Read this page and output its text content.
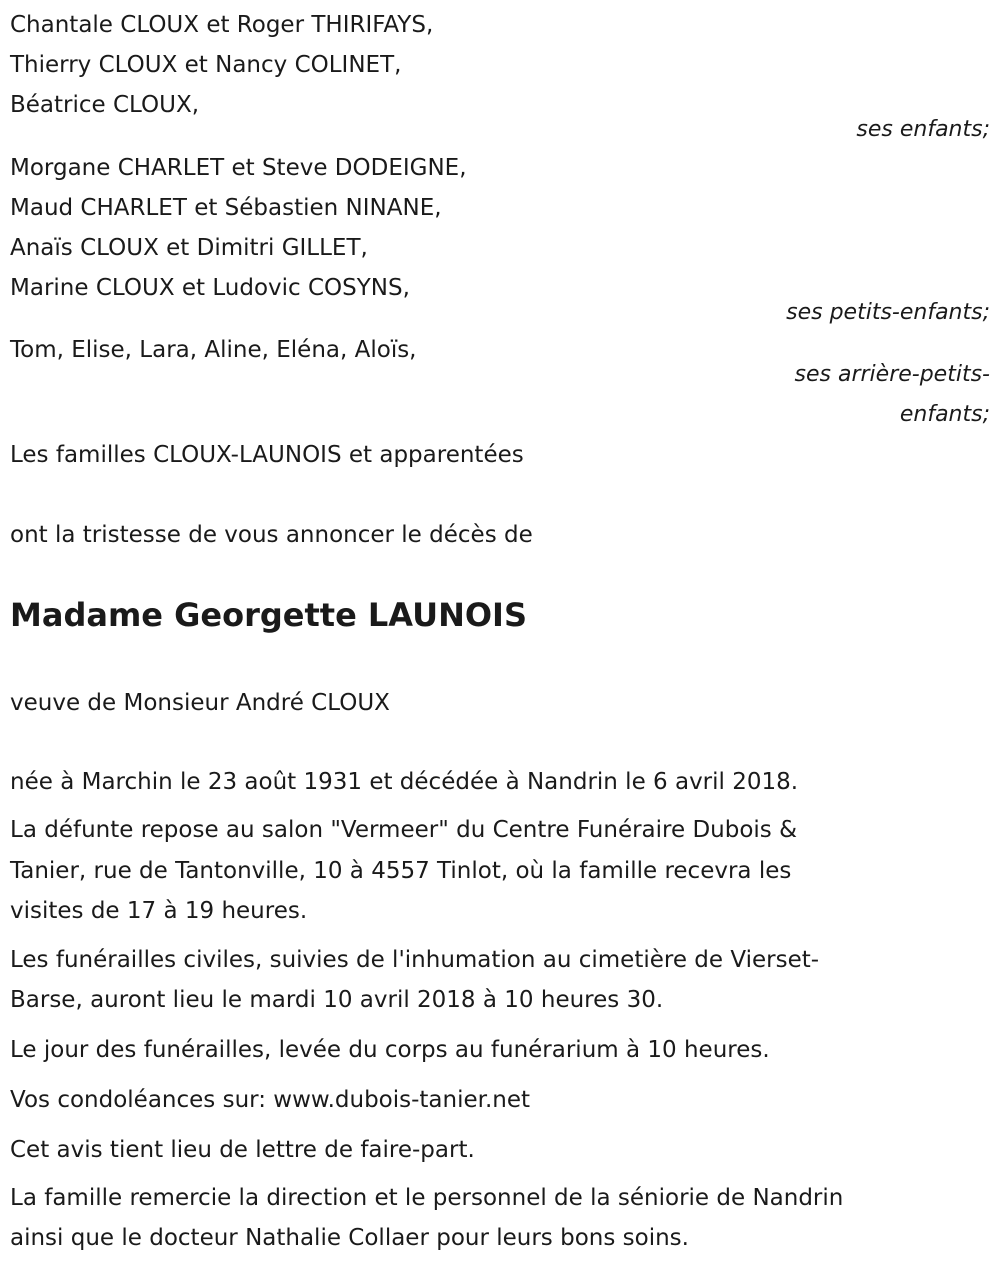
Chantale CLOUX et Roger THIRIFAYS,
Thierry CLOUX et Nancy COLINET,
Béatrice CLOUX,
ses enfants;
Morgane CHARLET et Steve DODEIGNE,
Maud CHARLET et Sébastien NINANE,
Anaïs CLOUX et Dimitri GILLET,
Marine CLOUX et Ludovic COSYNS,
ses petits-enfants;
Tom, Elise, Lara, Aline, Eléna, Aloïs,
ses arrière-petits-
enfants;
Les familles CLOUX-LAUNOIS et apparentées
ont la tristesse de vous annoncer le décès de
Madame Georgette LAUNOIS
veuve de Monsieur André CLOUX
née à Marchin le 23 août 1931 et décédée à Nandrin le 6 avril 2018.
La défunte repose au salon "Vermeer" du Centre Funéraire Dubois &
Tanier, rue de Tantonville, 10 à 4557 Tinlot, où la famille recevra les
visites de 17 à 19 heures.
Les funérailles civiles, suivies de l'inhumation au cimetière de Vierset-
Barse, auront lieu le mardi 10 avril 2018 à 10 heures 30.
Le jour des funérailles, levée du corps au funérarium à 10 heures.
Vos condoléances sur: www.dubois-tanier.net
Cet avis tient lieu de lettre de faire-part.
La famille remercie la direction et le personnel de la séniorie de Nandrin
ainsi que le docteur Nathalie Collaer pour leurs bons soins.
